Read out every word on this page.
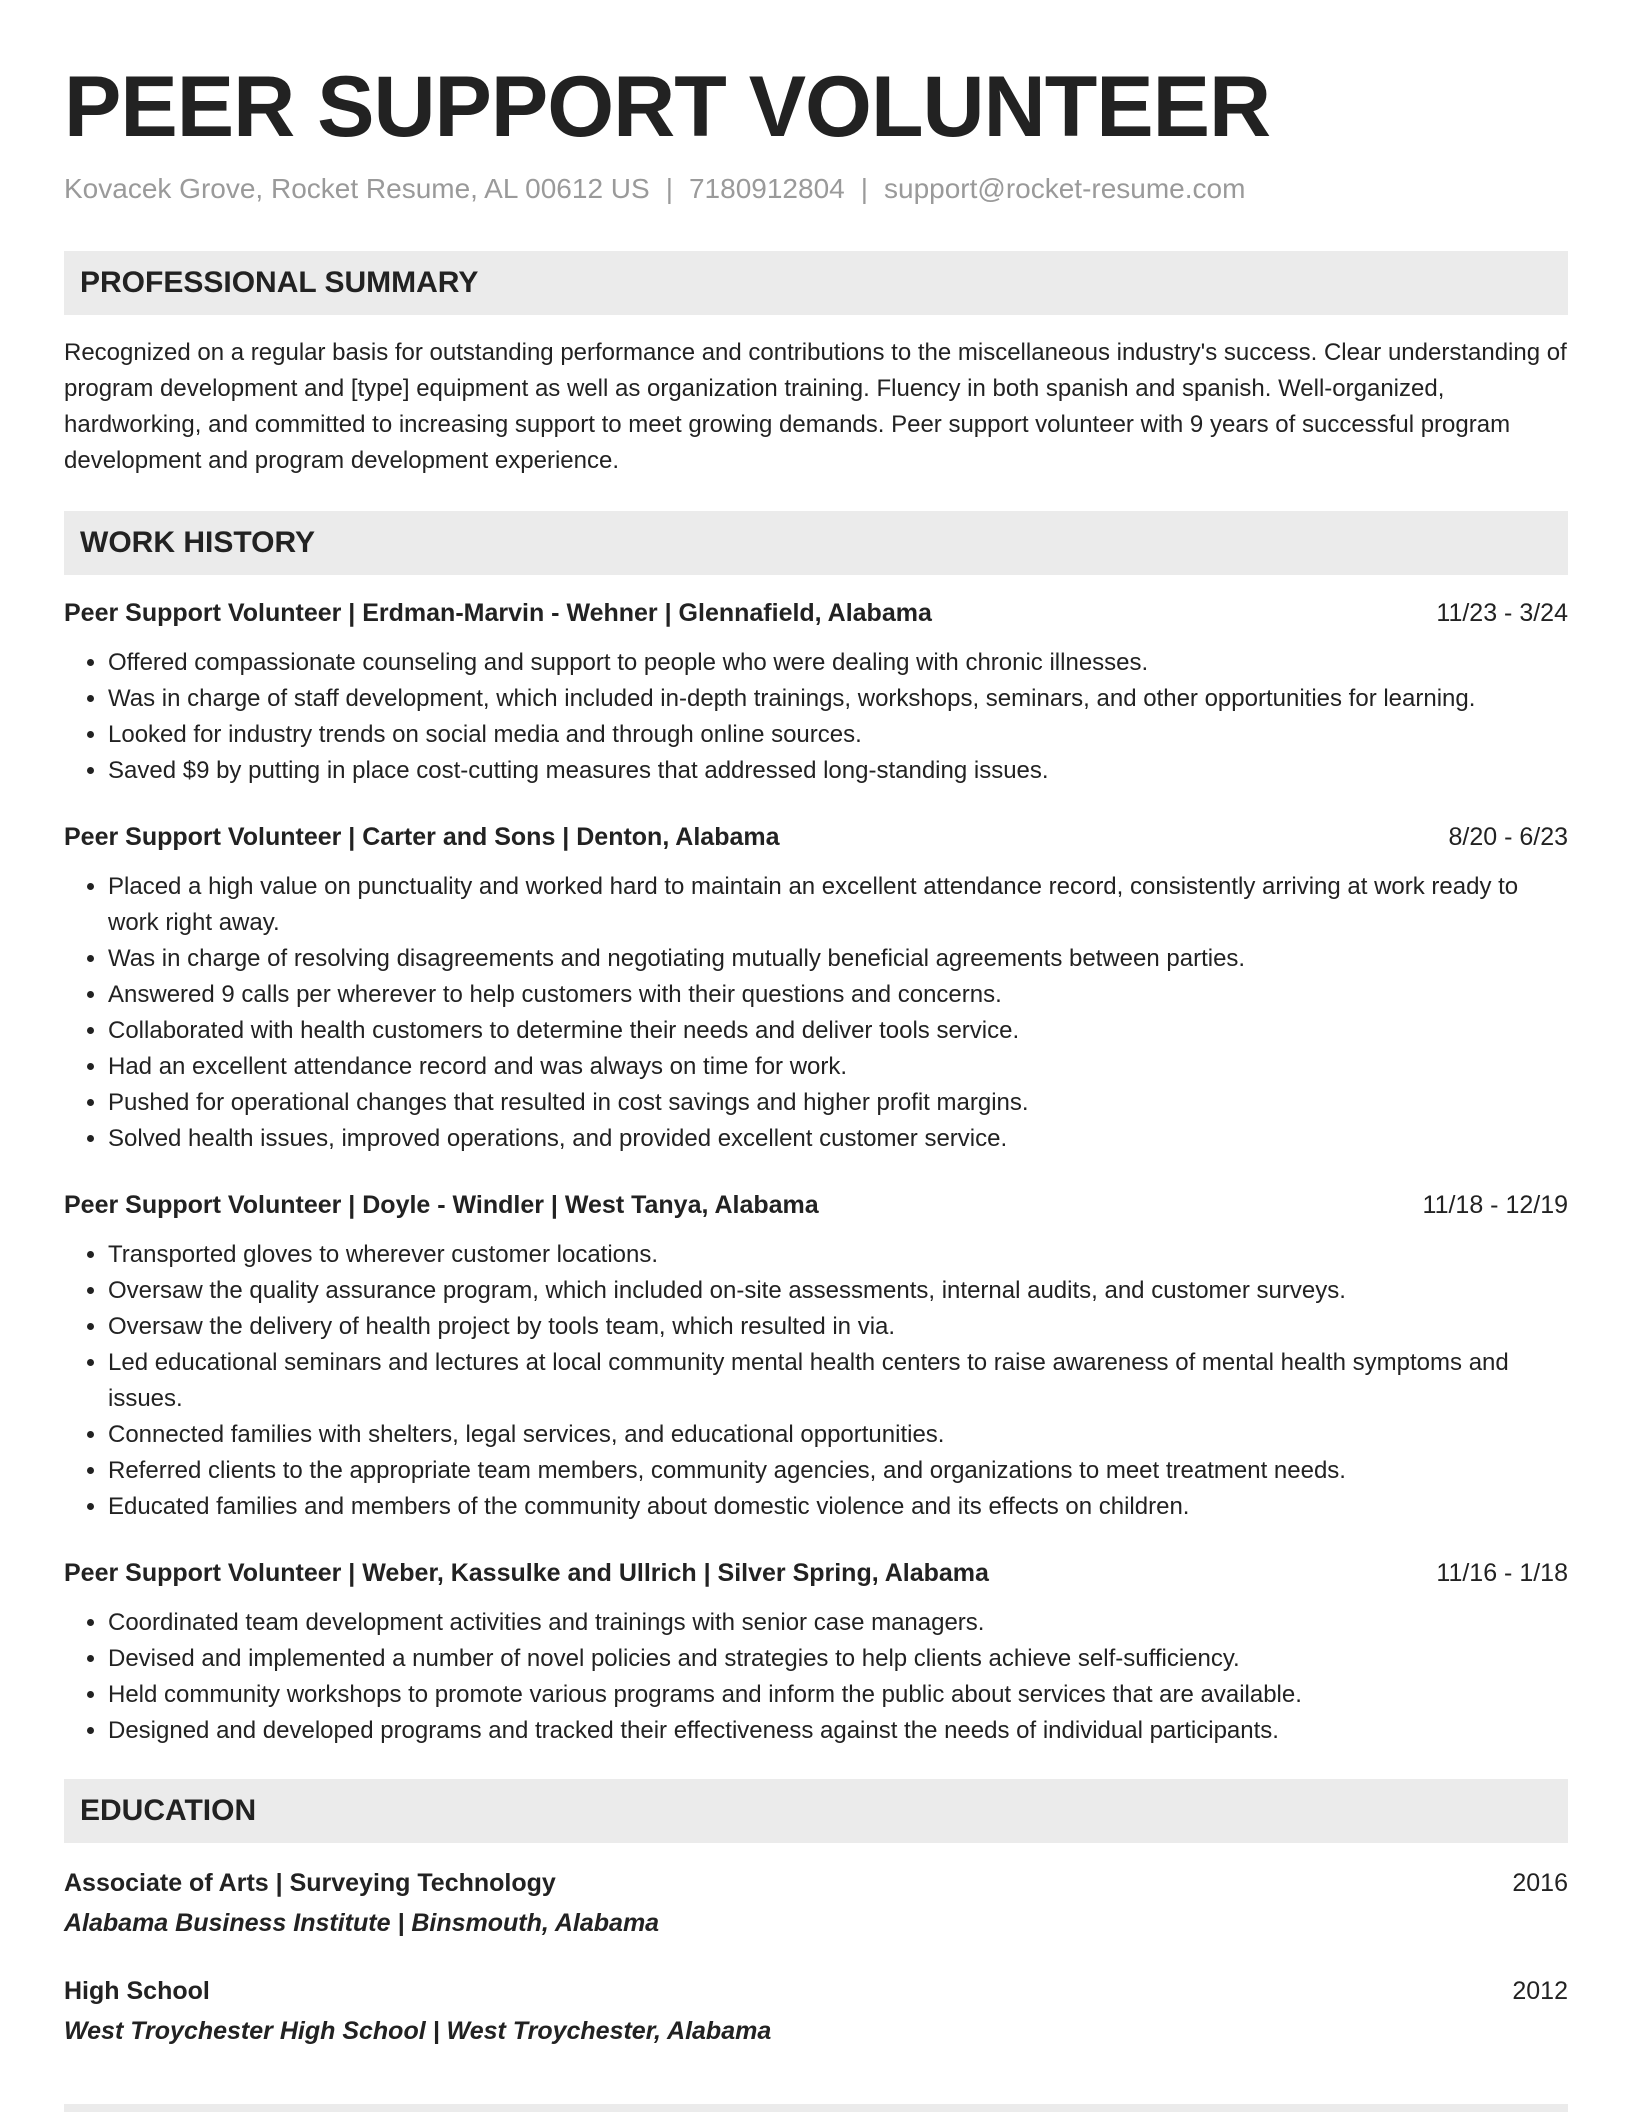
PEER SUPPORT VOLUNTEER
Kovacek Grove, Rocket Resume, AL 00612 US | 7180912804 | support@rocket-resume.com
PROFESSIONAL SUMMARY

Recognized on a regular basis for outstanding performance and contributions to the miscellaneous industry's success. Clear understanding of program development and [type] equipment as well as organization training. Fluency in both spanish and spanish. Well-organized, hardworking, and committed to increasing support to meet growing demands. Peer support volunteer with 9 years of successful program development and program development experience.

WORK HISTORY
Peer Support Volunteer | Erdman-Marvin - Wehner | Glennafield, Alabama	11/23 - 3/24
• Offered compassionate counseling and support to people who were dealing with chronic illnesses.
• Was in charge of staff development, which included in-depth trainings, workshops, seminars, and other opportunities for learning.
• Looked for industry trends on social media and through online sources.
• Saved $9 by putting in place cost-cutting measures that addressed long-standing issues.
Peer Support Volunteer | Carter and Sons | Denton, Alabama	8/20 - 6/23
• Placed a high value on punctuality and worked hard to maintain an excellent attendance record, consistently arriving at work ready to work right away.
• Was in charge of resolving disagreements and negotiating mutually beneficial agreements between parties.
• Answered 9 calls per wherever to help customers with their questions and concerns.
• Collaborated with health customers to determine their needs and deliver tools service.
• Had an excellent attendance record and was always on time for work.
• Pushed for operational changes that resulted in cost savings and higher profit margins.
• Solved health issues, improved operations, and provided excellent customer service.
Peer Support Volunteer | Doyle - Windler | West Tanya, Alabama	11/18 - 12/19
• Transported gloves to wherever customer locations.
• Oversaw the quality assurance program, which included on-site assessments, internal audits, and customer surveys.
• Oversaw the delivery of health project by tools team, which resulted in via.
• Led educational seminars and lectures at local community mental health centers to raise awareness of mental health symptoms and issues.
• Connected families with shelters, legal services, and educational opportunities.
• Referred clients to the appropriate team members, community agencies, and organizations to meet treatment needs.
• Educated families and members of the community about domestic violence and its effects on children.
Peer Support Volunteer | Weber, Kassulke and Ullrich | Silver Spring, Alabama	11/16 - 1/18
• Coordinated team development activities and trainings with senior case managers.
• Devised and implemented a number of novel policies and strategies to help clients achieve self-sufficiency.
• Held community workshops to promote various programs and inform the public about services that are available.
• Designed and developed programs and tracked their effectiveness against the needs of individual participants.
EDUCATION
Associate of Arts | Surveying Technology	2016
Alabama Business Institute | Binsmouth, Alabama
High School	2012
West Troychester High School | West Troychester, Alabama
